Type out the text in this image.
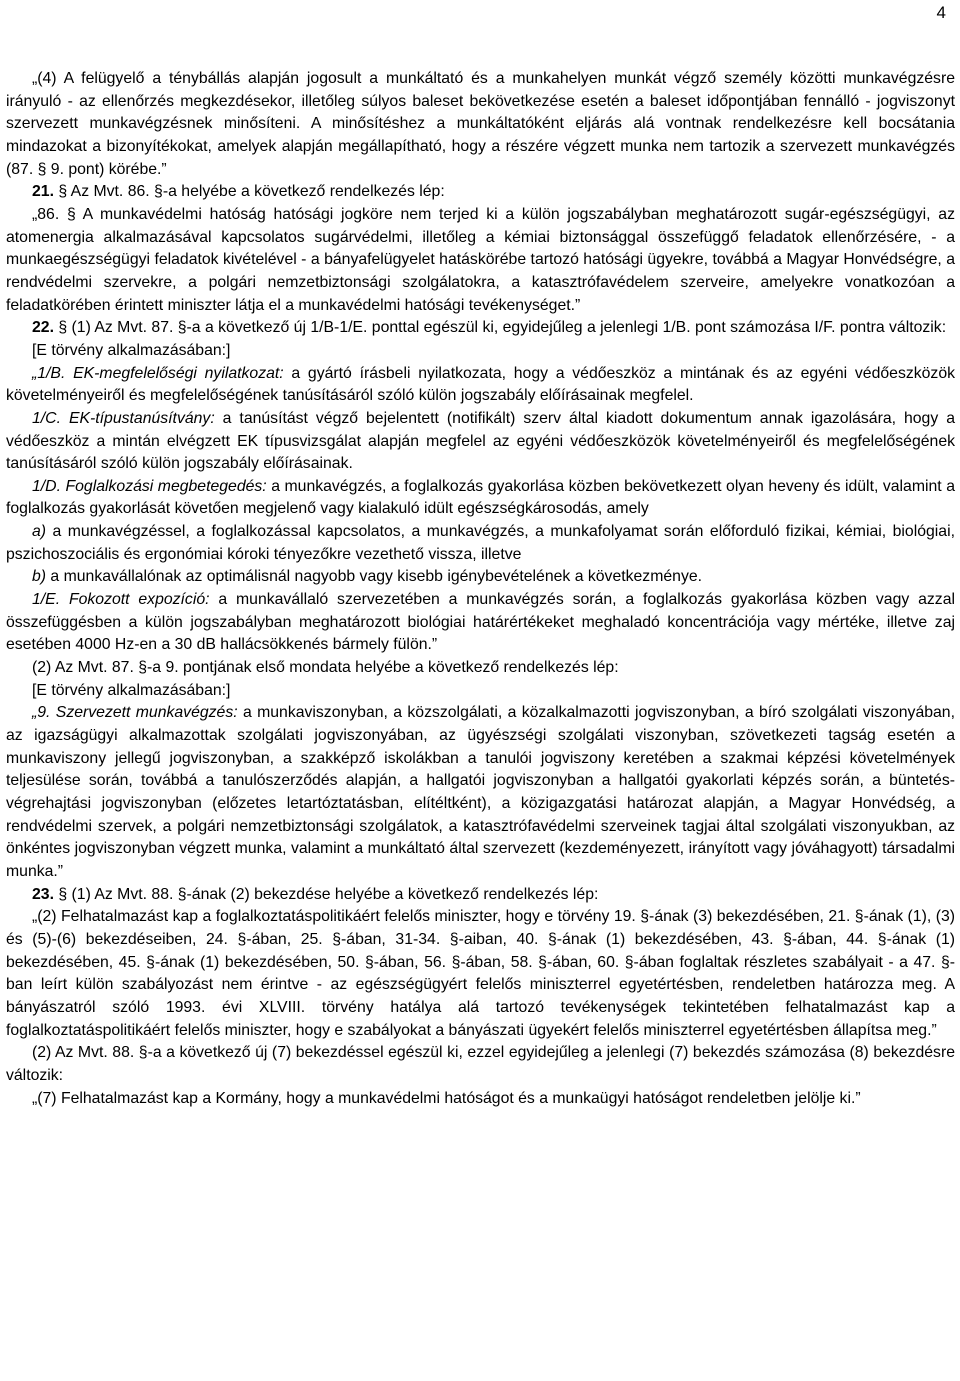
4

„(4) A felügyelő a ténybállás alapján jogosult a munkáltató és a munkahelyen munkát végző személy közötti munkavégzésre irányuló - az ellenőrzés megkezdésekor, illetőleg súlyos baleset bekövetkezése esetén a baleset időpontjában fennálló - jogviszonyt szervezett munkavégzésnek minősíteni. A minősítéshez a munkáltatóként eljárás alá vontnak rendelkezésre kell bocsátania mindazokat a bizonyítékokat, amelyek alapján megállapítható, hogy a részére végzett munka nem tartozik a szervezett munkavégzés (87. § 9. pont) körébe.”

21. § Az Mvt. 86. §-a helyébe a következő rendelkezés lép:

„86. § A munkavédelmi hatóság hatósági jogköre nem terjed ki a külön jogszabályban meghatározott sugár-egészségügyi, az atomenergia alkalmazásával kapcsolatos sugárvédelmi, illetőleg a kémiai biztonsággal összefüggő feladatok ellenőrzésére, - a munkaegészségügyi feladatok kivételével - a bányafelügyelet hatáskörébe tartozó hatósági ügyekre, továbbá a Magyar Honvédségre, a rendvédelmi szervekre, a polgári nemzetbiztonsági szolgálatokra, a katasztrófavédelem szerveire, amelyekre vonatkozóan a feladatkörében érintett miniszter látja el a munkavédelmi hatósági tevékenységet.”

22. § (1) Az Mvt. 87. §-a a következő új 1/B-1/E. ponttal egészül ki, egyidejűleg a jelenlegi 1/B. pont számozása I/F. pontra változik:

[E törvény alkalmazásában:]

„1/B. EK-megfelelőségi nyilatkozat: a gyártó írásbeli nyilatkozata, hogy a védőeszköz a mintának és az egyéni védőeszközök követelményeiről és megfelelőségének tanúsításáról szóló külön jogszabály előírásainak megfelel.

1/C. EK-típustanúsítvány: a tanúsítást végző bejelentett (notifikált) szerv által kiadott dokumentum annak igazolására, hogy a védőeszköz a mintán elvégzett EK típusvizsgálat alapján megfelel az egyéni védőeszközök követelményeiről és megfelelőségének tanúsításáról szóló külön jogszabály előírásainak.

1/D. Foglalkozási megbetegedés: a munkavégzés, a foglalkozás gyakorlása közben bekövetkezett olyan heveny és idült, valamint a foglalkozás gyakorlását követően megjelenő vagy kialakuló idült egészségkárosodás, amely

a) a munkavégzéssel, a foglalkozással kapcsolatos, a munkavégzés, a munkafolyamat során előforduló fizikai, kémiai, biológiai, pszichoszociális és ergonómiai kóroki tényezőkre vezethető vissza, illetve

b) a munkavállalónak az optimálisnál nagyobb vagy kisebb igénybevételének a következménye.

1/E. Fokozott expozíció: a munkavállaló szervezetében a munkavégzés során, a foglalkozás gyakorlása közben vagy azzal összefüggésben a külön jogszabályban meghatározott biológiai határértékeket meghaladó koncentrációja vagy mértéke, illetve zaj esetében 4000 Hz-en a 30 dB hallácsökkenés bármely fülön.”

(2) Az Mvt. 87. §-a 9. pontjának első mondata helyébe a következő rendelkezés lép:

[E törvény alkalmazásában:]

„9. Szervezett munkavégzés: a munkaviszonyban, a közszolgálati, a közalkalmazotti jogviszonyban, a bíró szolgálati viszonyában, az igazságügyi alkalmazottak szolgálati jogviszonyában, az ügyészségi szolgálati viszonyban, szövetkezeti tagság esetén a munkaviszony jellegű jogviszonyban, a szakképző iskolákban a tanulói jogviszony keretében a szakmai képzési követelmények teljesülése során, továbbá a tanulószerződés alapján, a hallgatói jogviszonyban a hallgatói gyakorlati képzés során, a büntetés-végrehajtási jogviszonyban (előzetes letartóztatásban, elítéltként), a közigazgatási határozat alapján, a Magyar Honvédség, a rendvédelmi szervek, a polgári nemzetbiztonsági szolgálatok, a katasztrófavédelmi szerveinek tagjai által szolgálati viszonyukban, az önkéntes jogviszonyban végzett munka, valamint a munkáltató által szervezett (kezdeményezett, irányított vagy jóváhagyott) társadalmi munka.”

23. § (1) Az Mvt. 88. §-ának (2) bekezdése helyébe a következő rendelkezés lép:

„(2) Felhatalmazást kap a foglalkoztatáspolitikáért felelős miniszter, hogy e törvény 19. §-ának (3) bekezdésében, 21. §-ának (1), (3) és (5)-(6) bekezdéseiben, 24. §-ában, 25. §-ában, 31-34. §-aiban, 40. §-ának (1) bekezdésében, 43. §-ában, 44. §-ának (1) bekezdésében, 45. §-ának (1) bekezdésében, 50. §-ában, 56. §-ában, 58. §-ában, 60. §-ában foglaltak részletes szabályait - a 47. §-ban leírt külön szabályozást nem érintve - az egészségügyért felelős miniszterrel egyetértésben, rendeletben határozza meg. A bányászatról szóló 1993. évi XLVIII. törvény hatálya alá tartozó tevékenységek tekintetében felhatalmazást kap a foglalkoztatáspolitikáért felelős miniszter, hogy e szabályokat a bányászati ügyekért felelős miniszterrel egyetértésben állapítsa meg.”

(2) Az Mvt. 88. §-a a következő új (7) bekezdéssel egészül ki, ezzel egyidejűleg a jelenlegi (7) bekezdés számozása (8) bekezdésre változik:

„(7) Felhatalmazást kap a Kormány, hogy a munkavédelmi hatóságot és a munkaügyi hatóságot rendeletben jelölje ki.”
